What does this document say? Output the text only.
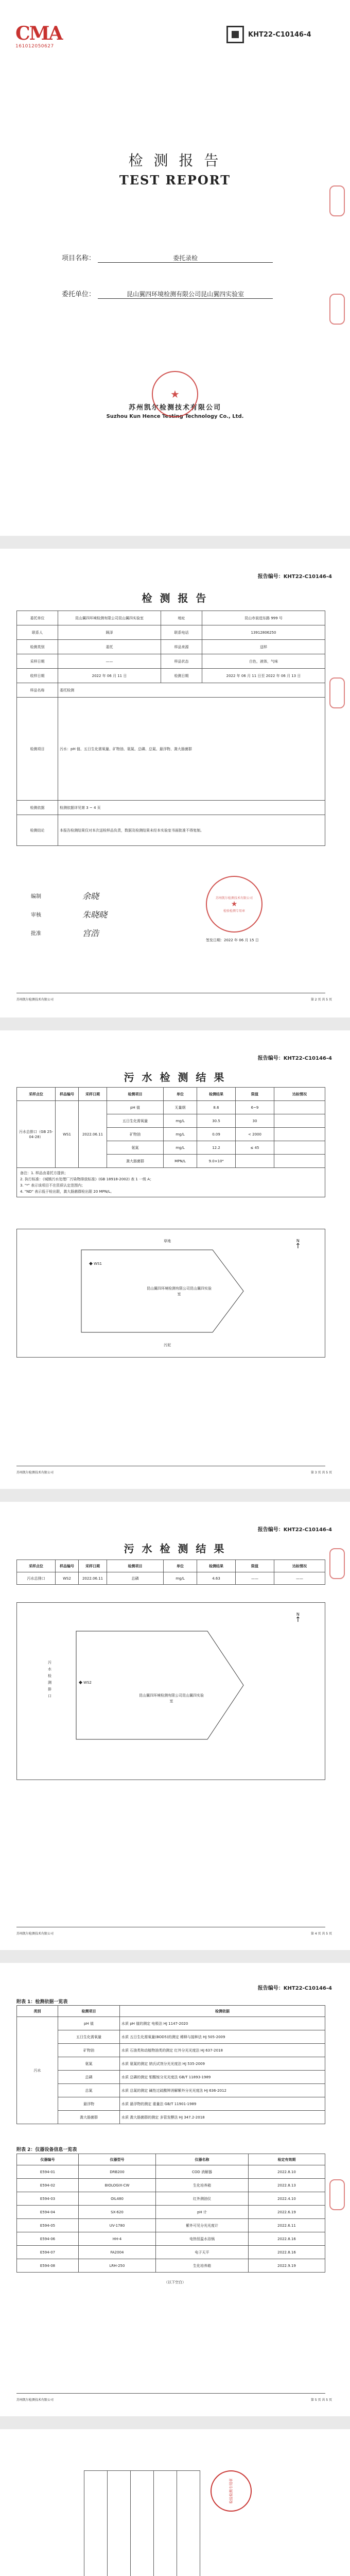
CMA
161012050627
KHT22-C10146-4
检 测 报 告
TEST REPORT
项目名称：	委托录检
委托单位：	昆山翼四环境检测有限公司昆山翼四实验室
★
苏州凯尔检测技术有限公司
Suzhou Kun Hence Testing Technology Co., Ltd.
报告编号：KHT22-C10146-4
检 测 报 告
委托单位	昆山翼四环境检测有限公司昆山翼四实验室	地址	昆山市前进东路 999 号
联系人	顾泽	联系电话	13912806250
检测类别	委托	样品来源	送样
采样日期	——	样品状态	白色，液体，气味
收样日期	2022 年 06 月 11 日	检测日期	2022 年 06 月 11 日至 2022 年 06 月 13 日
样品名称	委托检测		
检测项目	污水：pH 值、五日生化需氧量、矿物油、氨氮、总磷、总氮、悬浮物、粪大肠菌群		
检测依据	检测依据详见第 3 ~ 4 页		
检测结论	本报告检测结果仅对本次送检样品负责，数据及检测结果未经本实验室书面批准不得复制。		
编制	余晓
审核	朱晓晓
批准	宫浩
苏州凯尔检测技术有限公司
★
检验检测专用章
签发日期：2022 年 06 月 15 日
苏州凯尔检测技术有限公司	第 2 页 共 5 页
报告编号：KHT22-C10146-4
污 水 检 测 结 果
采样点位	样品编号	采样日期	检测项目	单位	检测结果	限值	达标情况
污水总排口（GB 25-04-28）	WS1	2022.06.11	pH 值	无量纲	8.6	6~9	
			五日生化需氧量	mg/L	30.5	30	
			矿物油	mg/L	0.09	< 2000	
			氨氮	mg/L	12.2	≤ 45	
			粪大肠菌群	MPN/L	9.0×10⁴		

备注：1. 样品由委托方提供；
2. 执行标准：《城镇污水处理厂污染物排放标准》(GB 18918-2002) 表 1 一级 A；
3. "*" 表示该项目不在资质认定范围内；
4. "ND" 表示低于检出限，粪大肠菌群检出限 20 MPN/L。							
N
↑
草地
◆ WS1
昆山翼四环境检测有限公司昆山翼四实验室
污泥
苏州凯尔检测技术有限公司	第 3 页 共 5 页
报告编号：KHT22-C10146-4
污 水 检 测 结 果
采样点位	样品编号	采样日期	检测项目	单位	检测结果	限值	达标情况
污水总排口	WS2	2022.06.11	总磷	mg/L	4.63	——	——
N
↑
污 水 检 测 排 口
◆ WS2
昆山翼四环境检测有限公司昆山翼四实验室
苏州凯尔检测技术有限公司	第 4 页 共 5 页
报告编号：KHT22-C10146-4
附表 1：检测依据一览表
类别	检测项目	检测依据
污水	pH 值	水质 pH 值的测定 电极法 HJ 1147-2020
	五日生化需氧量	水质 五日生化需氧量(BOD5)的测定 稀释与接种法 HJ 505-2009
	矿物油	水质 石油类和动植物油类的测定 红外分光光度法 HJ 637-2018
	氨氮	水质 氨氮的测定 纳氏试剂分光光度法 HJ 535-2009
	总磷	水质 总磷的测定 钼酸铵分光光度法 GB/T 11893-1989
	总氮	水质 总氮的测定 碱性过硫酸钾消解紫外分光光度法 HJ 636-2012
	悬浮物	水质 悬浮物的测定 重量法 GB/T 11901-1989
	粪大肠菌群	水质 粪大肠菌群的测定 多管发酵法 HJ 347.2-2018
附表 2：仪器设备信息一览表
仪器编号	仪器型号	仪器名称	检定有效期
E594-01	DRB200	COD 消解器	2022.8.10
E594-02	BIOLOGIX-CW	生化培养箱	2022.8.13
E594-03	OIL480	红外测油仪	2022.4.10
E594-04	SX-620	pH 计	2022.6.19
E594-05	UV-1780	紫外可见分光光度计	2022.6.11
E594-06	HH-4	电热恒温水浴锅	2022.8.16
E594-07	FA2004	电子天平	2022.8.16
E594-08	LRH-250	生化培养箱	2022.9.19
（以下空白）
苏州凯尔检测技术有限公司	第 5 页 共 5 页
检验检测专用章
